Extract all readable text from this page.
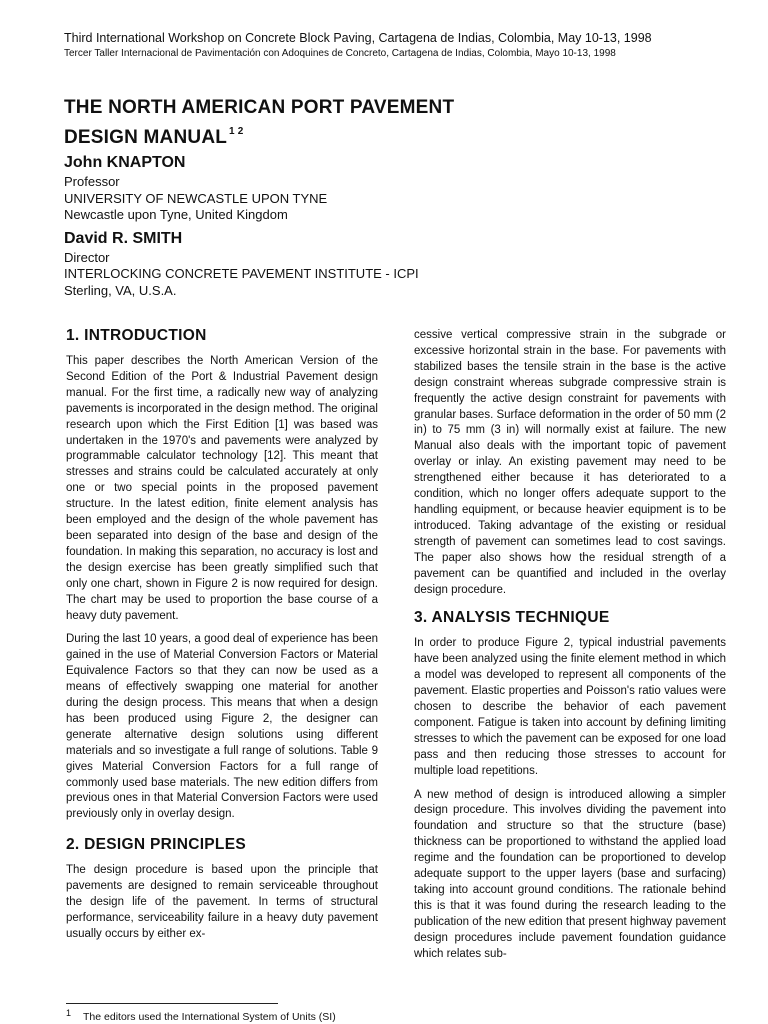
Third International Workshop on Concrete Block Paving, Cartagena de Indias, Colombia, May 10-13, 1998
Tercer Taller Internacional de Pavimentación con Adoquines de Concreto, Cartagena de Indias, Colombia, Mayo 10-13, 1998
THE NORTH AMERICAN PORT PAVEMENT
DESIGN MANUAL $^{1 2}$
John KNAPTON
Professor
UNIVERSITY OF NEWCASTLE UPON TYNE
Newcastle upon Tyne, United Kingdom
David R. SMITH
Director
INTERLOCKING CONCRETE PAVEMENT INSTITUTE - ICPI
Sterling, VA, U.S.A.
1. INTRODUCTION

This paper describes the North American Version of the Second Edition of the Port & Industrial Pavement design manual. For the first time, a radically new way of analyzing pavements is incorporated in the design method. The original research upon which the First Edition [1] was based was undertaken in the 1970's and pavements were analyzed by programmable calculator technology [12]. This meant that stresses and strains could be calculated accurately at only one or two special points in the proposed pavement structure. In the latest edition, finite element analysis has been employed and the design of the whole pavement has been separated into design of the base and design of the foundation. In making this separation, no accuracy is lost and the design exercise has been greatly simplified such that only one chart, shown in Figure 2 is now required for design. The chart may be used to proportion the base course of a heavy duty pavement.

During the last 10 years, a good deal of experience has been gained in the use of Material Conversion Factors or Material Equivalence Factors so that they can now be used as a means of effectively swapping one material for another during the design process. This means that when a design has been produced using Figure 2, the designer can generate alternative design solutions using different materials and so investigate a full range of solutions. Table 9 gives Material Conversion Factors for a full range of commonly used base materials. The new edition differs from previous ones in that Material Conversion Factors were used previously only in overlay design.

2. DESIGN PRINCIPLES

The design procedure is based upon the principle that pavements are designed to remain serviceable throughout the design life of the pavement. In terms of structural performance, serviceability failure in a heavy duty pavement usually occurs by either ex-

cessive vertical compressive strain in the subgrade or excessive horizontal strain in the base. For pavements with stabilized bases the tensile strain in the base is the active design constraint whereas subgrade compressive strain is frequently the active design constraint for pavements with granular bases. Surface deformation in the order of 50 mm (2 in) to 75 mm (3 in) will normally exist at failure. The new Manual also deals with the important topic of pavement overlay or inlay. An existing pavement may need to be strengthened either because it has deteriorated to a condition, which no longer offers adequate support to the handling equipment, or because heavier equipment is to be introduced. Taking advantage of the existing or residual strength of pavement can sometimes lead to cost savings. The paper also shows how the residual strength of a pavement can be quantified and included in the overlay design procedure.

3. ANALYSIS TECHNIQUE

In order to produce Figure 2, typical industrial pavements have been analyzed using the finite element method in which a model was developed to represent all components of the pavement. Elastic properties and Poisson's ratio values were chosen to describe the behavior of each pavement component. Fatigue is taken into account by defining limiting stresses to which the pavement can be exposed for one load pass and then reducing those stresses to account for multiple load repetitions.

A new method of design is introduced allowing a simpler design procedure. This involves dividing the pavement into foundation and structure so that the structure (base) thickness can be proportioned to withstand the applied load regime and the foundation can be proportioned to develop adequate support to the upper layers (base and surfacing) taking into account ground conditions. The rationale behind this is that it was found during the research leading to the publication of the new edition that present highway pavement design procedures include pavement foundation guidance which relates sub-

1 The editors used the International System of Units (SI)
